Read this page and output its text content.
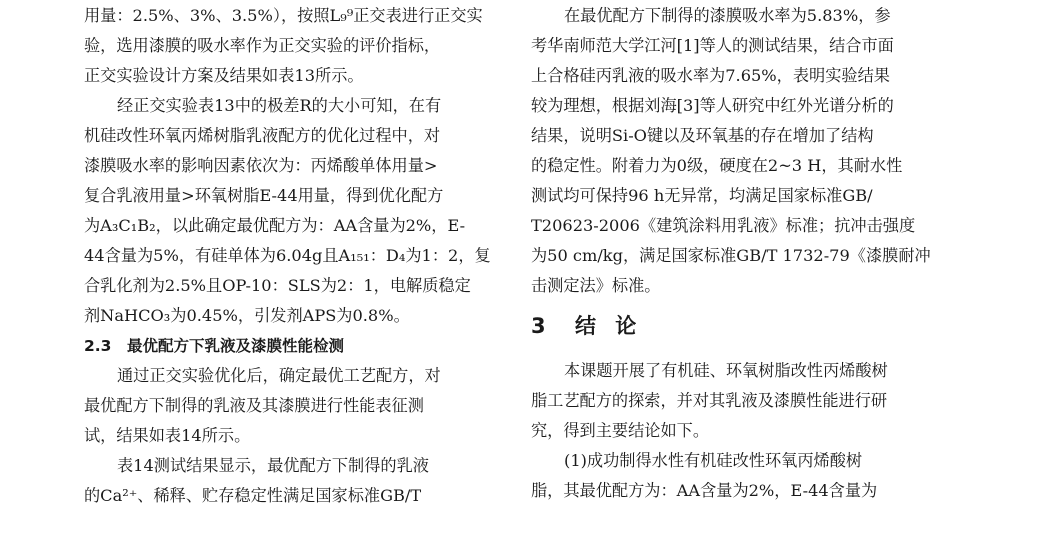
用量：2.5%、3%、3.5%），按照L₉⁹正交表进行正交实
验，选用漆膜的吸水率作为正交实验的评价指标，
正交实验设计方案及结果如表13所示。
经正交实验表13中的极差R的大小可知，在有
机硅改性环氧丙烯树脂乳液配方的优化过程中，对
漆膜吸水率的影响因素依次为：丙烯酸单体用量>
复合乳液用量>环氧树脂E-44用量，得到优化配方
为A₃C₁B₂，以此确定最优配方为：AA含量为2%，E-
44含量为5%，有硅单体为6.04g且A₁₅₁：D₄为1：2，复
合乳化剂为2.5%且OP-10：SLS为2：1，电解质稳定
剂NaHCO₃为0.45%，引发剂APS为0.8%。
2.3　最优配方下乳液及漆膜性能检测
通过正交实验优化后，确定最优工艺配方，对
最优配方下制得的乳液及其漆膜进行性能表征测
试，结果如表14所示。
表14测试结果显示，最优配方下制得的乳液
的Ca²⁺、稀释、贮存稳定性满足国家标准GB/T
在最优配方下制得的漆膜吸水率为5.83%，参
考华南师范大学江河[1]等人的测试结果，结合市面
上合格硅丙乳液的吸水率为7.65%，表明实验结果
较为理想，根据刘海[3]等人研究中红外光谱分析的
结果，说明Si-O键以及环氧基的存在增加了结构
的稳定性。附着力为0级，硬度在2~3 H，其耐水性
测试均可保持96 h无异常，均满足国家标准GB/
T20623-2006《建筑涂料用乳液》标准；抗冲击强度
为50 cm/kg，满足国家标准GB/T 1732-79《漆膜耐冲
击测定法》标准。
3 结 论
本课题开展了有机硅、环氧树脂改性丙烯酸树
脂工艺配方的探索，并对其乳液及漆膜性能进行研
究，得到主要结论如下。
(1)成功制得水性有机硅改性环氧丙烯酸树
脂，其最优配方为：AA含量为2%，E-44含量为
